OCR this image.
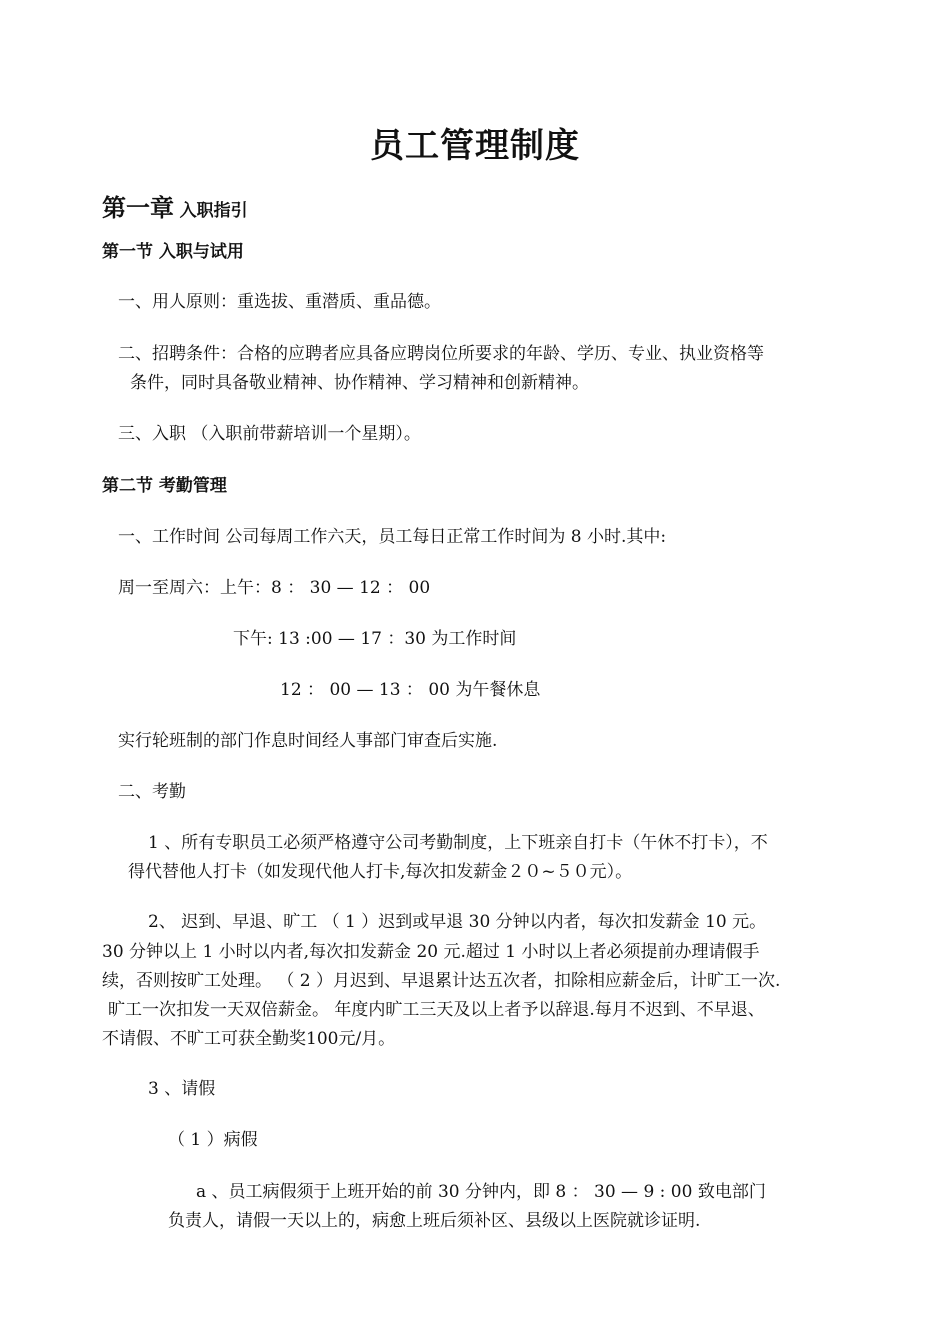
员工管理制度
第一章 入职指引
第一节 入职与试用
一、用人原则：重选拔、重潜质、重品德。
二、招聘条件：合格的应聘者应具备应聘岗位所要求的年龄、学历、专业、执业资格等
条件，同时具备敬业精神、协作精神、学习精神和创新精神。
三、入职 （入职前带薪培训一个星期）。
第二节 考勤管理
一、工作时间 公司每周工作六天，员工每日正常工作时间为 8 小时.其中:
周一至周六：上午：8 ： 30 — 12 ： 00
下午: 13 :00 — 17 ：30 为工作时间
12 ： 00 — 13 ： 00 为午餐休息
实行轮班制的部门作息时间经人事部门审查后实施.
二、考勤
1 、所有专职员工必须严格遵守公司考勤制度，上下班亲自打卡（午休不打卡），不
得代替他人打卡（如发现代他人打卡,每次扣发薪金２０~５０元）。
2、 迟到、早退、旷工 （ 1 ）迟到或早退 30 分钟以内者，每次扣发薪金 10 元。
30 分钟以上 1 小时以内者,每次扣发薪金 20 元.超过 1 小时以上者必须提前办理请假手
续，否则按旷工处理。 （ 2 ）月迟到、早退累计达五次者，扣除相应薪金后，计旷工一次.
旷工一次扣发一天双倍薪金。 年度内旷工三天及以上者予以辞退.每月不迟到、不早退、
不请假、不旷工可获全勤奖100元/月。
3 、请假
（ 1 ）病假
a 、员工病假须于上班开始的前 30 分钟内，即 8 ： 30 — 9 : 00 致电部门
负责人，请假一天以上的，病愈上班后须补区、县级以上医院就诊证明.
